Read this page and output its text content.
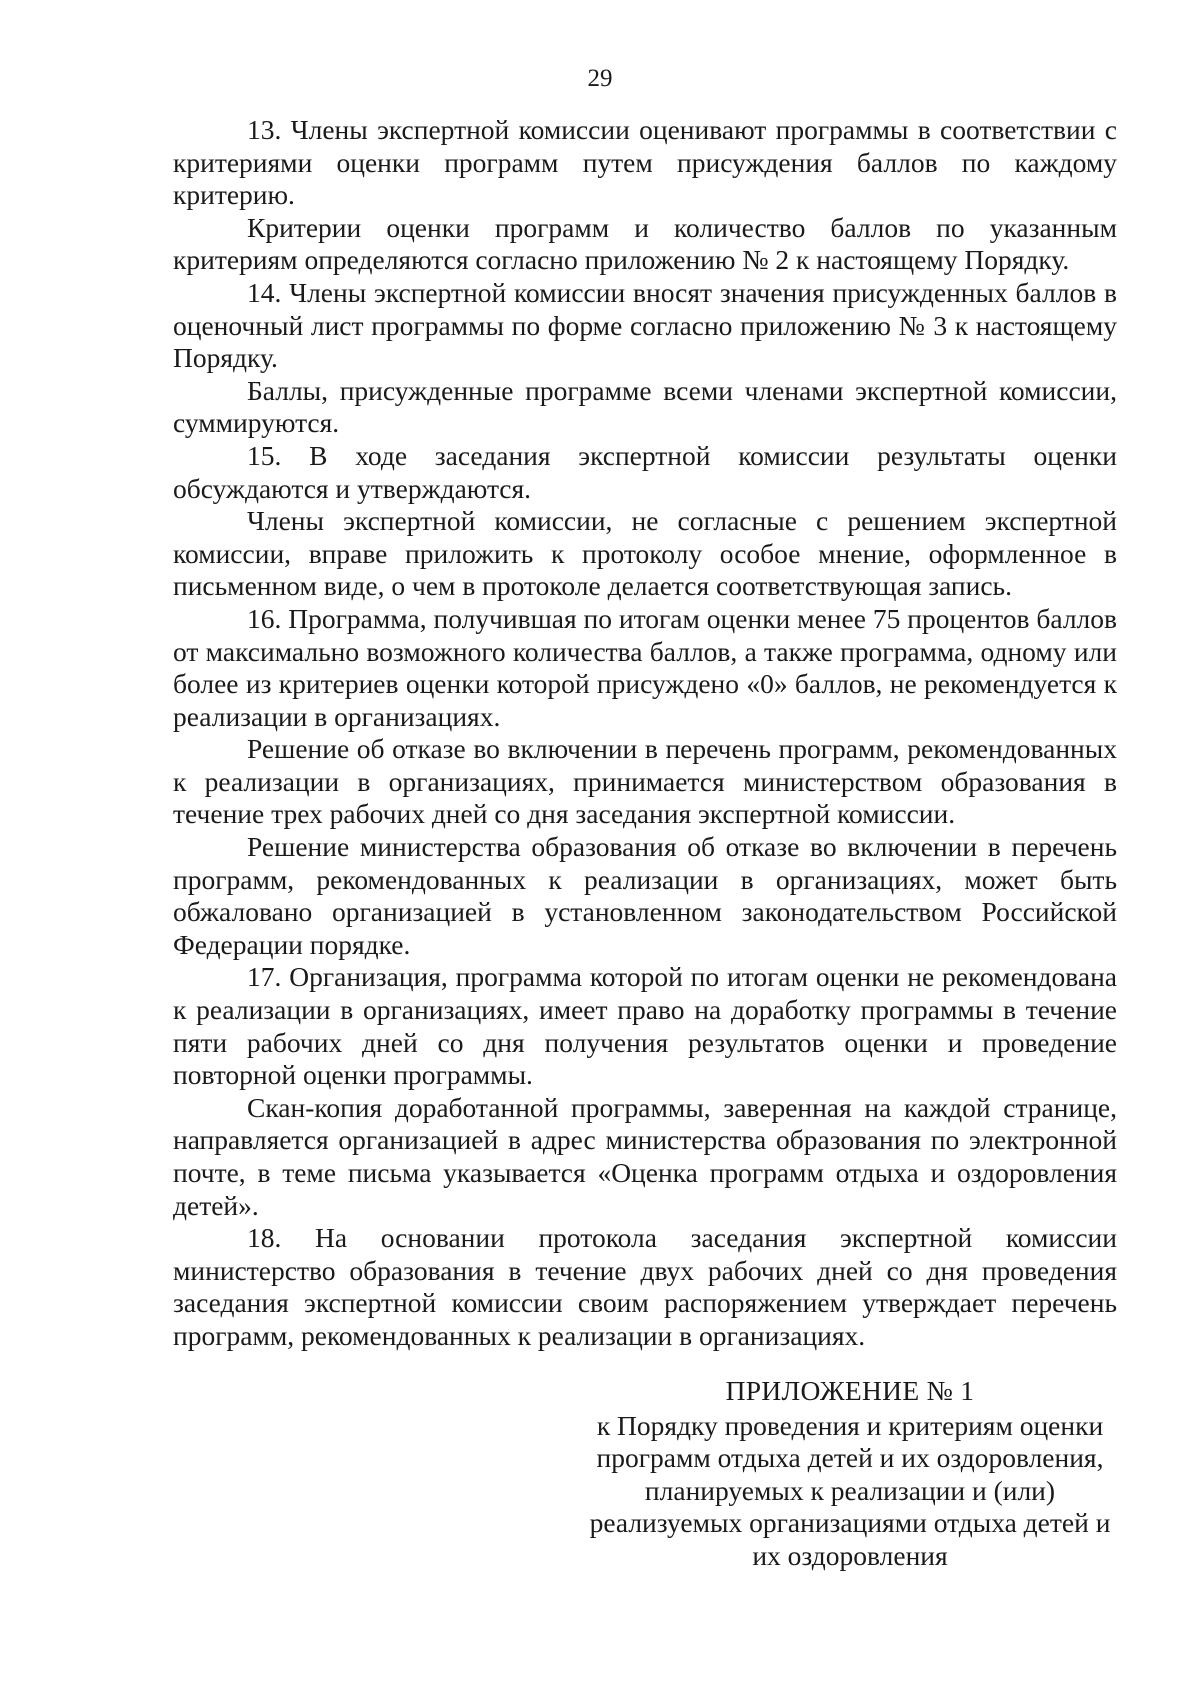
29

13. Члены экспертной комиссии оценивают программы в соответствии с критериями оценки программ путем присуждения баллов по каждому критерию.

Критерии оценки программ и количество баллов по указанным критериям определяются согласно приложению № 2 к настоящему Порядку.

14. Члены экспертной комиссии вносят значения присужденных баллов в оценочный лист программы по форме согласно приложению № 3 к настоящему Порядку.

Баллы, присужденные программе всеми членами экспертной комиссии, суммируются.

15. В ходе заседания экспертной комиссии результаты оценки обсуждаются и утверждаются.

Члены экспертной комиссии, не согласные с решением экспертной комиссии, вправе приложить к протоколу особое мнение, оформленное в письменном виде, о чем в протоколе делается соответствующая запись.

16. Программа, получившая по итогам оценки менее 75 процентов баллов от максимально возможного количества баллов, а также программа, одному или более из критериев оценки которой присуждено «0» баллов, не рекомендуется к реализации в организациях.

Решение об отказе во включении в перечень программ, рекомендованных к реализации в организациях, принимается министерством образования в течение трех рабочих дней со дня заседания экспертной комиссии.

Решение министерства образования об отказе во включении в перечень программ, рекомендованных к реализации в организациях, может быть обжаловано организацией в установленном законодательством Российской Федерации порядке.

17. Организация, программа которой по итогам оценки не рекомендована к реализации в организациях, имеет право на доработку программы в течение пяти рабочих дней со дня получения результатов оценки и проведение повторной оценки программы.

Скан-копия доработанной программы, заверенная на каждой странице, направляется организацией в адрес министерства образования по электронной почте, в теме письма указывается «Оценка программ отдыха и оздоровления детей».

18. На основании протокола заседания экспертной комиссии министерство образования в течение двух рабочих дней со дня проведения заседания экспертной комиссии своим распоряжением утверждает перечень программ, рекомендованных к реализации в организациях.

ПРИЛОЖЕНИЕ № 1
к Порядку проведения и критериям оценки программ отдыха детей и их оздоровления, планируемых к реализации и (или) реализуемых организациями отдыха детей и их оздоровления
